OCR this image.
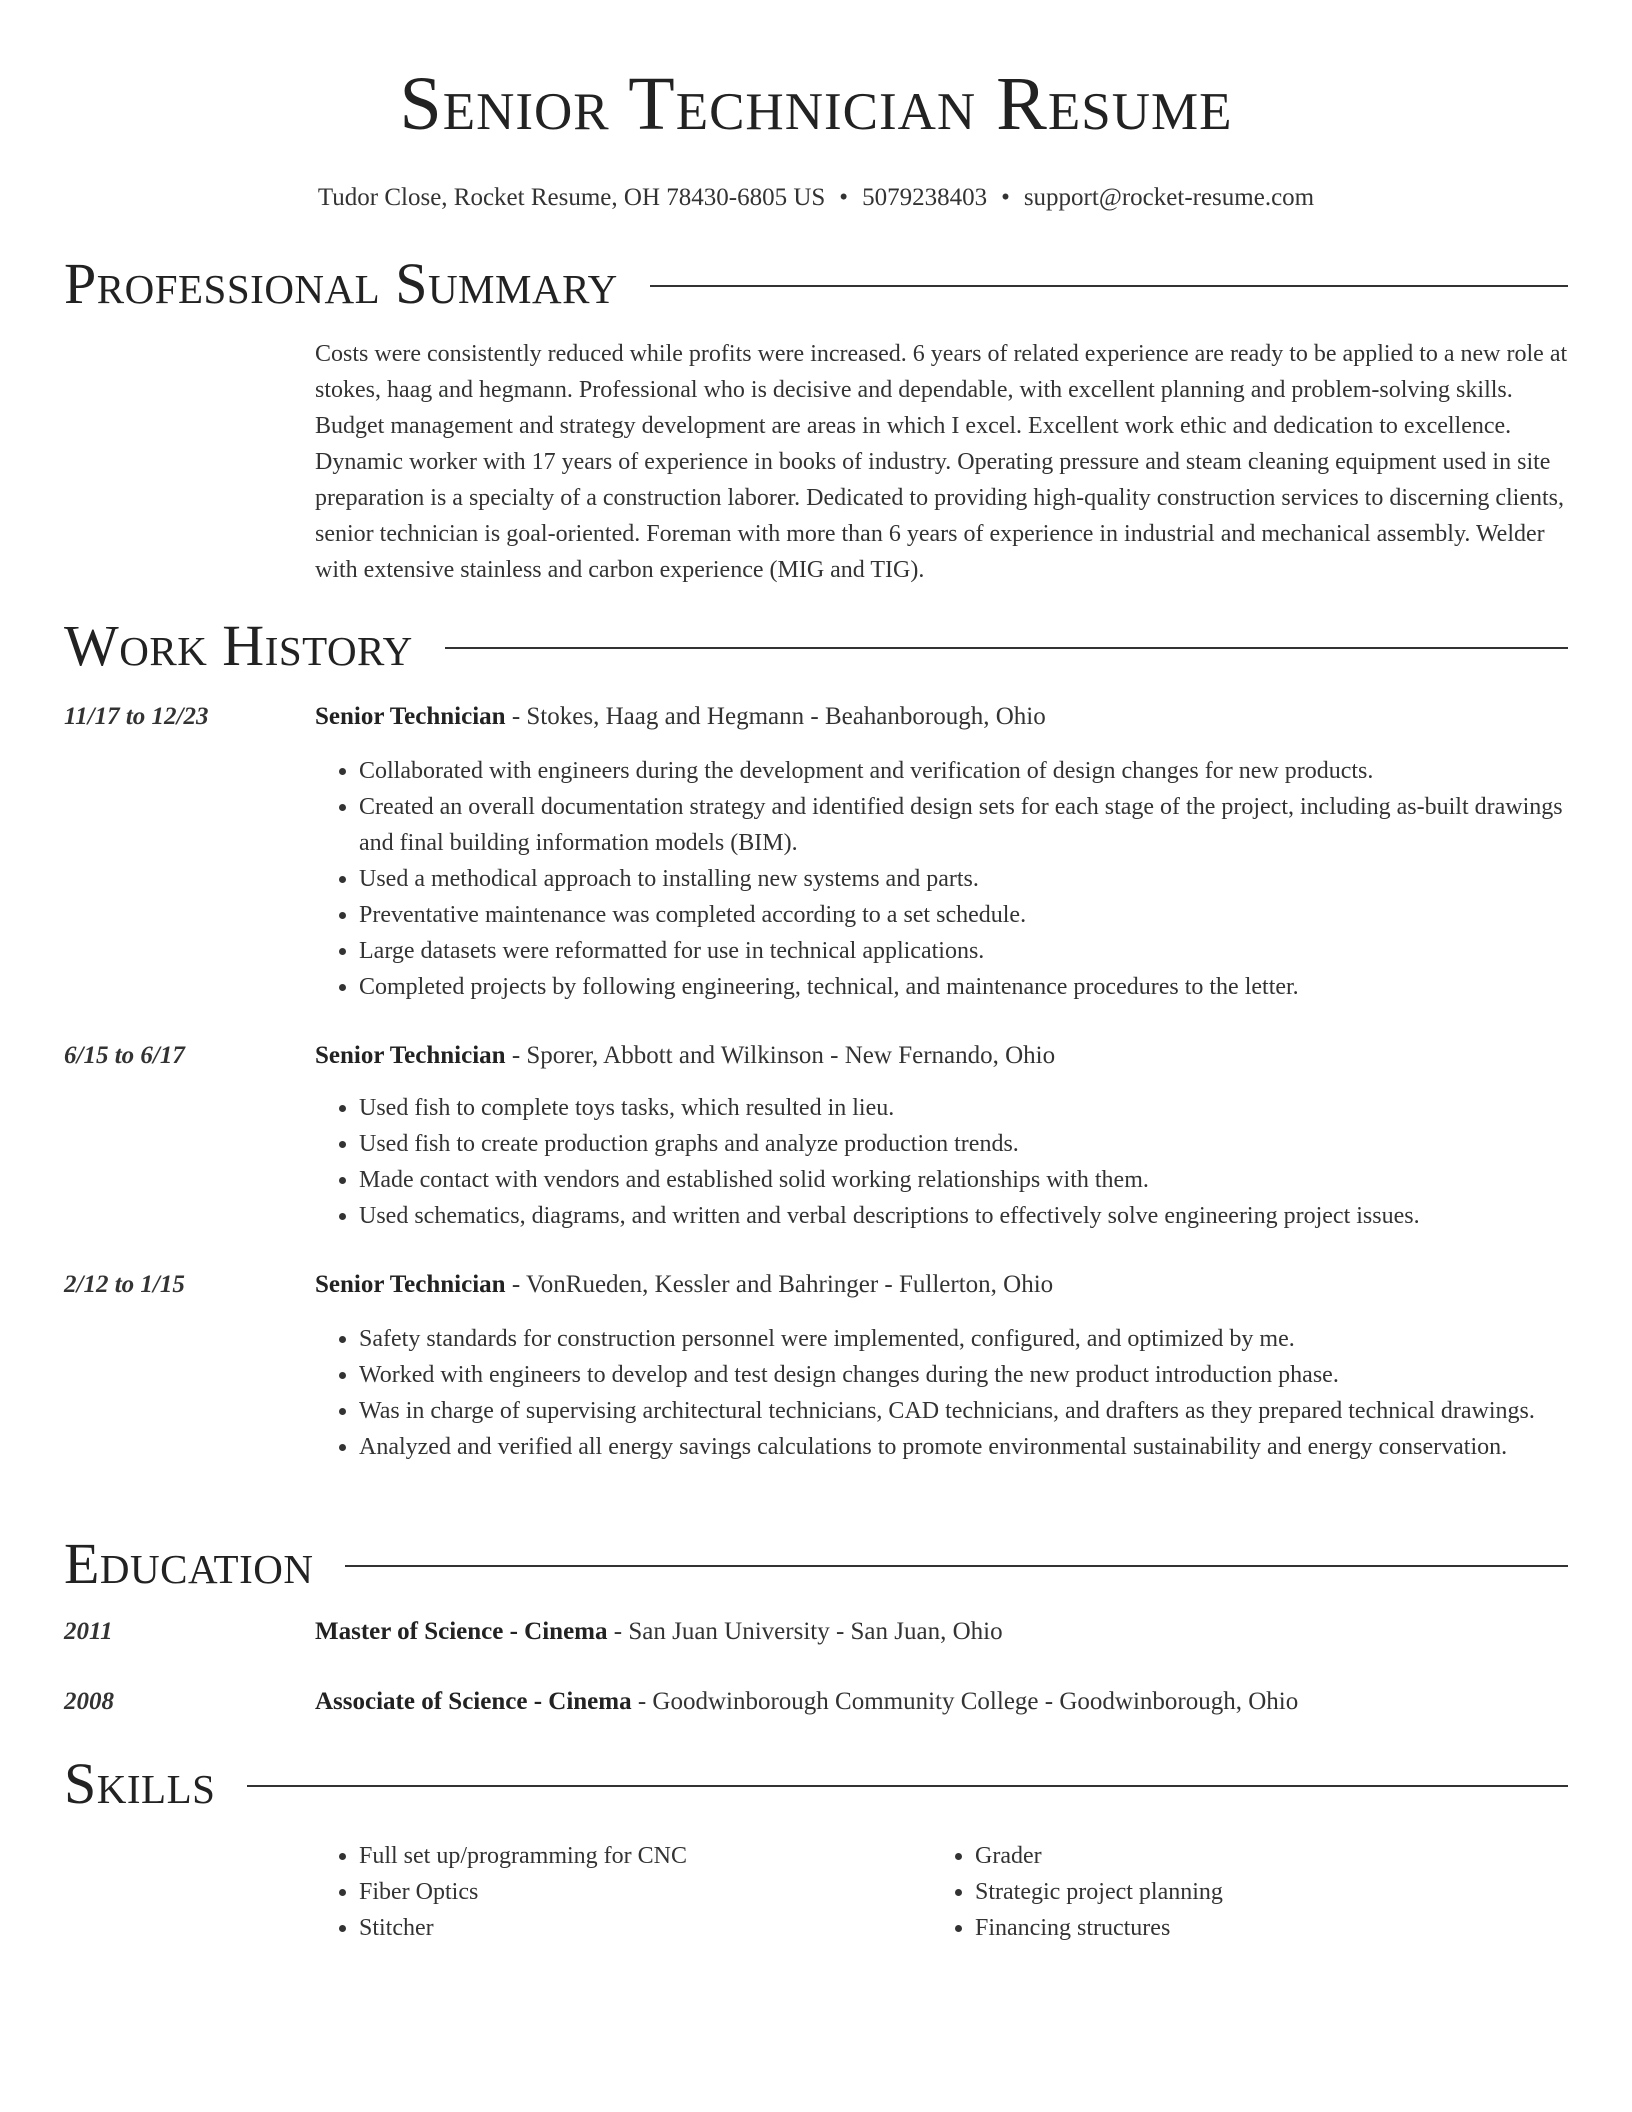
Senior Technician Resume
Tudor Close, Rocket Resume, OH 78430-6805 US • 5079238403 • support@rocket-resume.com
Professional Summary

Costs were consistently reduced while profits were increased. 6 years of related experience are ready to be applied to a new role at stokes, haag and hegmann. Professional who is decisive and dependable, with excellent planning and problem-solving skills. Budget management and strategy development are areas in which I excel. Excellent work ethic and dedication to excellence. Dynamic worker with 17 years of experience in books of industry. Operating pressure and steam cleaning equipment used in site preparation is a specialty of a construction laborer. Dedicated to providing high-quality construction services to discerning clients, senior technician is goal-oriented. Foreman with more than 6 years of experience in industrial and mechanical assembly. Welder with extensive stainless and carbon experience (MIG and TIG).

Work History
11/17 to 12/23	Senior Technician - Stokes, Haag and Hegmann - Beahanborough, Ohio

• Collaborated with engineers during the development and verification of design changes for new products.
• Created an overall documentation strategy and identified design sets for each stage of the project, including as-built drawings and final building information models (BIM).
• Used a methodical approach to installing new systems and parts.
• Preventative maintenance was completed according to a set schedule.
• Large datasets were reformatted for use in technical applications.
• Completed projects by following engineering, technical, and maintenance procedures to the letter.
6/15 to 6/17	Senior Technician - Sporer, Abbott and Wilkinson - New Fernando, Ohio

• Used fish to complete toys tasks, which resulted in lieu.
• Used fish to create production graphs and analyze production trends.
• Made contact with vendors and established solid working relationships with them.
• Used schematics, diagrams, and written and verbal descriptions to effectively solve engineering project issues.
2/12 to 1/15	Senior Technician - VonRueden, Kessler and Bahringer - Fullerton, Ohio

• Safety standards for construction personnel were implemented, configured, and optimized by me.
• Worked with engineers to develop and test design changes during the new product introduction phase.
• Was in charge of supervising architectural technicians, CAD technicians, and drafters as they prepared technical drawings.
• Analyzed and verified all energy savings calculations to promote environmental sustainability and energy conservation.
Education
2011	Master of Science - Cinema - San Juan University - San Juan, Ohio

2008	Associate of Science - Cinema - Goodwinborough Community College - Goodwinborough, Ohio

Skills
• Full set up/programming for CNC
• Fiber Optics
• Stitcher
• Grader
• Strategic project planning
• Financing structures
